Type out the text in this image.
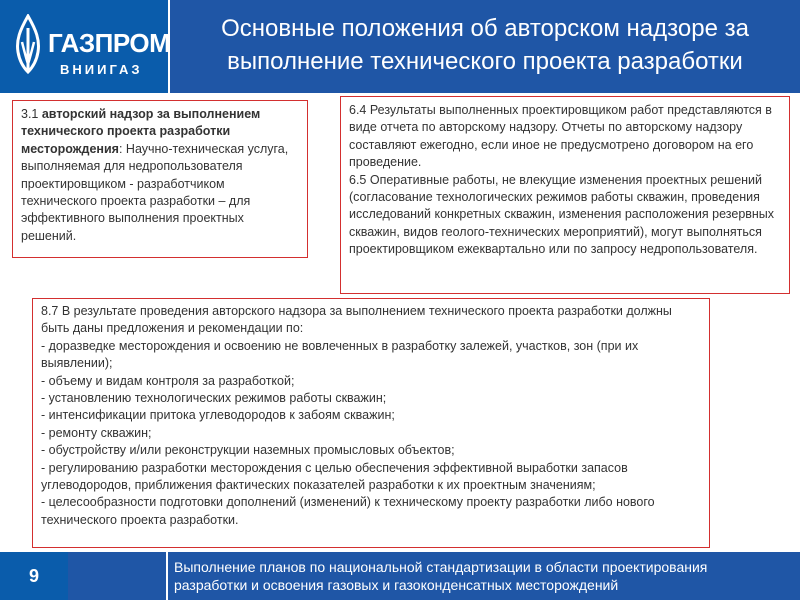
ГАЗПРОМ
ВНИИГАЗ
Основные положения об авторском надзоре за выполнение технического проекта разработки

3.1 авторский надзор за выполнением технического проекта разработки месторождения: Научно-техническая услуга, выполняемая для недропользователя проектировщиком - разработчиком технического проекта разработки – для эффективного выполнения проектных решений.

6.4 Результаты выполненных проектировщиком работ представляются в виде отчета по авторскому надзору. Отчеты по авторскому надзору составляют ежегодно, если иное не предусмотрено договором на его проведение.

6.5 Оперативные работы, не влекущие изменения проектных решений (согласование технологических режимов работы скважин, проведения исследований конкретных скважин, изменения расположения резервных скважин, видов геолого-технических мероприятий), могут выполняться проектировщиком ежеквартально или по запросу недропользователя.

8.7 В результате проведения авторского надзора за выполнением технического проекта разработки должны быть даны предложения и рекомендации по:

- доразведке месторождения и освоению не вовлеченных в разработку залежей, участков, зон (при их выявлении);

- объему и видам контроля за разработкой;

- установлению технологических режимов работы скважин;

- интенсификации притока углеводородов к забоям скважин;

- ремонту скважин;

- обустройству и/или реконструкции наземных промысловых объектов;

- регулированию разработки месторождения с целью обеспечения эффективной выработки запасов углеводородов, приближения фактических показателей разработки к их проектным значениям;

- целесообразности подготовки дополнений (изменений) к техническому проекту разработки либо нового технического проекта разработки.

9	Выполнение планов по национальной стандартизации в области проектирования разработки и освоения газовых и газоконденсатных месторождений
